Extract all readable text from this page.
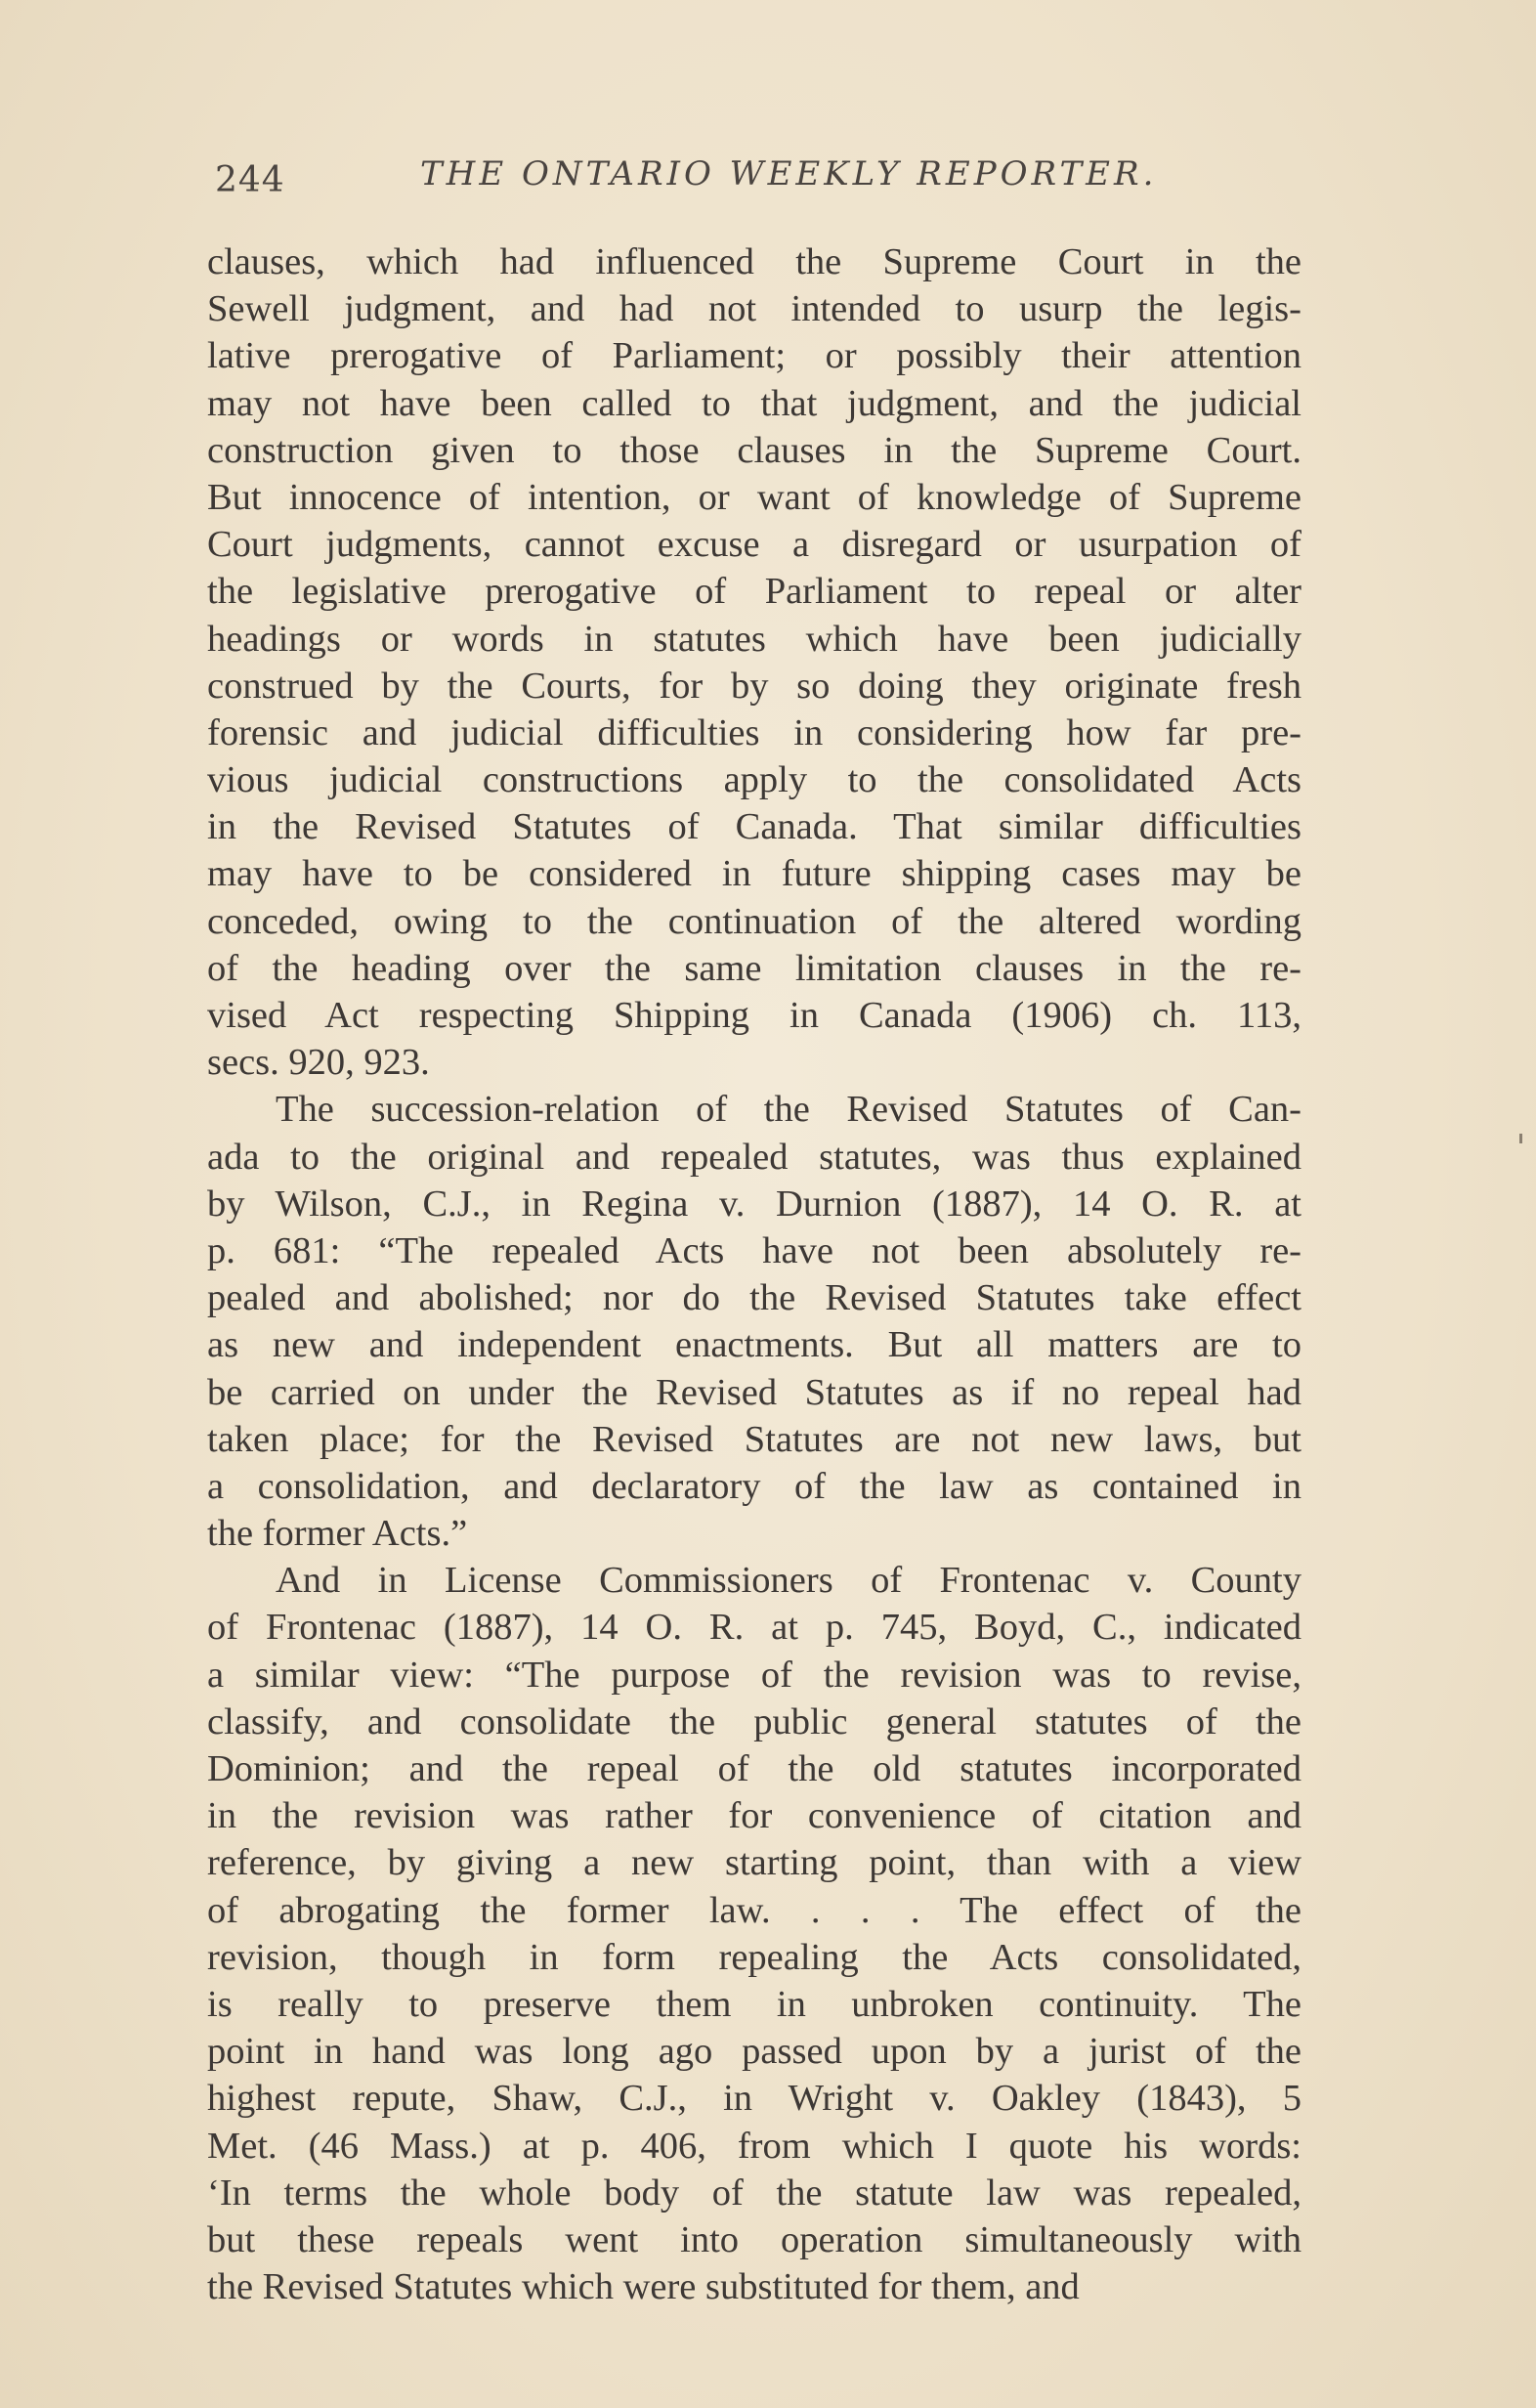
244	THE ONTARIO WEEKLY REPORTER.
clauses, which had influenced the Supreme Court in the
Sewell judgment, and had not intended to usurp the legis-
lative prerogative of Parliament; or possibly their attention
may not have been called to that judgment, and the judicial
construction given to those clauses in the Supreme Court.
But innocence of intention, or want of knowledge of Supreme
Court judgments, cannot excuse a disregard or usurpation of
the legislative prerogative of Parliament to repeal or alter
headings or words in statutes which have been judicially
construed by the Courts, for by so doing they originate fresh
forensic and judicial difficulties in considering how far pre-
vious judicial constructions apply to the consolidated Acts
in the Revised Statutes of Canada. That similar difficulties
may have to be considered in future shipping cases may be
conceded, owing to the continuation of the altered wording
of the heading over the same limitation clauses in the re-
vised Act respecting Shipping in Canada (1906) ch. 113,
secs. 920, 923.
The succession-relation of the Revised Statutes of Can-
ada to the original and repealed statutes, was thus explained
by Wilson, C.J., in Regina v. Durnion (1887), 14 O. R. at
p. 681: “The repealed Acts have not been absolutely re-
pealed and abolished; nor do the Revised Statutes take effect
as new and independent enactments. But all matters are to
be carried on under the Revised Statutes as if no repeal had
taken place; for the Revised Statutes are not new laws, but
a consolidation, and declaratory of the law as contained in
the former Acts.”
And in License Commissioners of Frontenac v. County
of Frontenac (1887), 14 O. R. at p. 745, Boyd, C., indicated
a similar view: “The purpose of the revision was to revise,
classify, and consolidate the public general statutes of the
Dominion; and the repeal of the old statutes incorporated
in the revision was rather for convenience of citation and
reference, by giving a new starting point, than with a view
of abrogating the former law. . . . The effect of the
revision, though in form repealing the Acts consolidated,
is really to preserve them in unbroken continuity. The
point in hand was long ago passed upon by a jurist of the
highest repute, Shaw, C.J., in Wright v. Oakley (1843), 5
Met. (46 Mass.) at p. 406, from which I quote his words:
‘In terms the whole body of the statute law was repealed,
but these repeals went into operation simultaneously with
the Revised Statutes which were substituted for them, and
